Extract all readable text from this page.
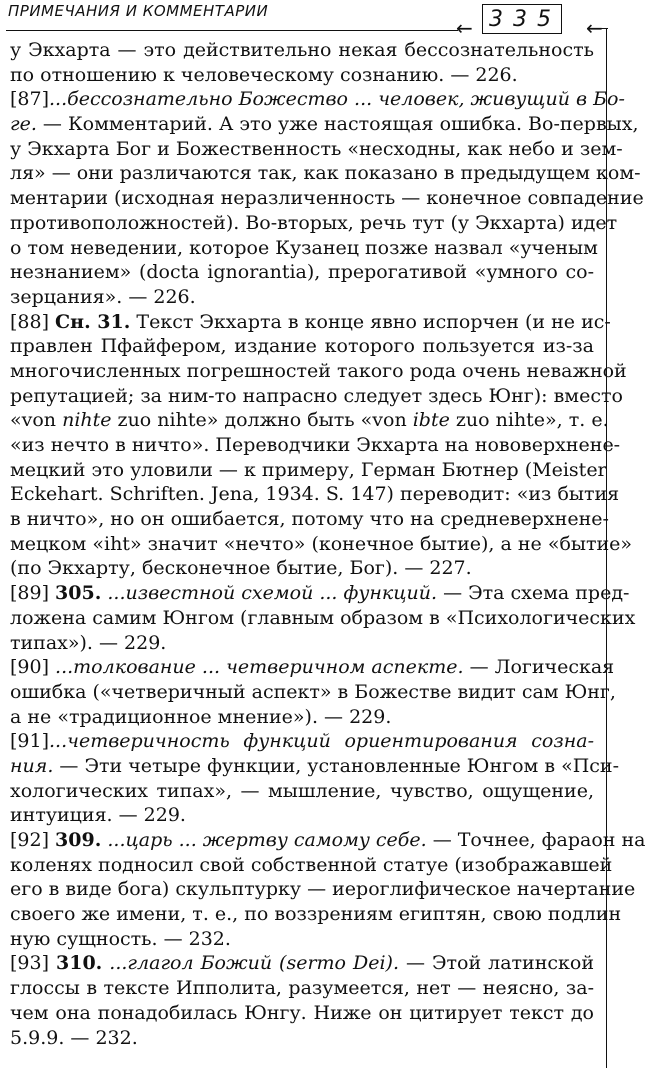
ПРИМЕЧАНИЯ И КОММЕНТАРИИ
← 335 ←
у Экхарта — это действительно некая бессознательность
по отношению к человеческому сознанию. — 226.
[87]...бессознательно Божество ... человек, живущий в Бо-
ге. — Комментарий. А это уже настоящая ошибка. Во-первых,
у Экхарта Бог и Божественность «несходны, как небо и зем-
ля» — они различаются так, как показано в предыдущем ком-
ментарии (исходная неразличенность — конечное совпадение
противоположностей). Во-вторых, речь тут (у Экхарта) идет
о том неведении, которое Кузанец позже назвал «ученым
незнанием» (docta ignorantia), прерогативой «умного со-
зерцания». — 226.
[88] Сн. 31. Текст Экхарта в конце явно испорчен (и не ис-
правлен Пфайфером, издание которого пользуется из-за
многочисленных погрешностей такого рода очень неважной
репутацией; за ним-то напрасно следует здесь Юнг): вместо
«von nihte zuo nihte» должно быть «von ibte zuo nihte», т. е.
«из нечто в ничто». Переводчики Экхарта на нововерхнене-
мецкий это уловили — к примеру, Герман Бютнер (Meister
Eckehart. Schriften. Jena, 1934. S. 147) переводит: «из бытия
в ничто», но он ошибается, потому что на средневерхнене-
мецком «iht» значит «нечто» (конечное бытие), а не «бытие»
(по Экхарту, бесконечное бытие, Бог). — 227.
[89] 305. ...известной схемой ... функций. — Эта схема пред-
ложена самим Юнгом (главным образом в «Психологических
типах»). — 229.
[90] ...толкование ... четверичном аспекте. — Логическая
ошибка («четверичный аспект» в Божестве видит сам Юнг,
а не «традиционное мнение»). — 229.
[91]...четверичность функций ориентирования созна-
ния. — Эти четыре функции, установленные Юнгом в «Пси-
хологических типах», — мышление, чувство, ощущение,
интуиция. — 229.
[92] 309. ...царь ... жертву самому себе. — Точнее, фараон на
коленях подносил свой собственной статуе (изображавшей
его в виде бога) скульптурку — иероглифическое начертание
своего же имени, т. е., по воззрениям египтян, свою подлин
ную сущность. — 232.
[93] 310. ...глагол Божий (sermo Dei). — Этой латинской
глоссы в тексте Ипполита, разумеется, нет — неясно, за-
чем она понадобилась Юнгу. Ниже он цитирует текст до
5.9.9. — 232.
